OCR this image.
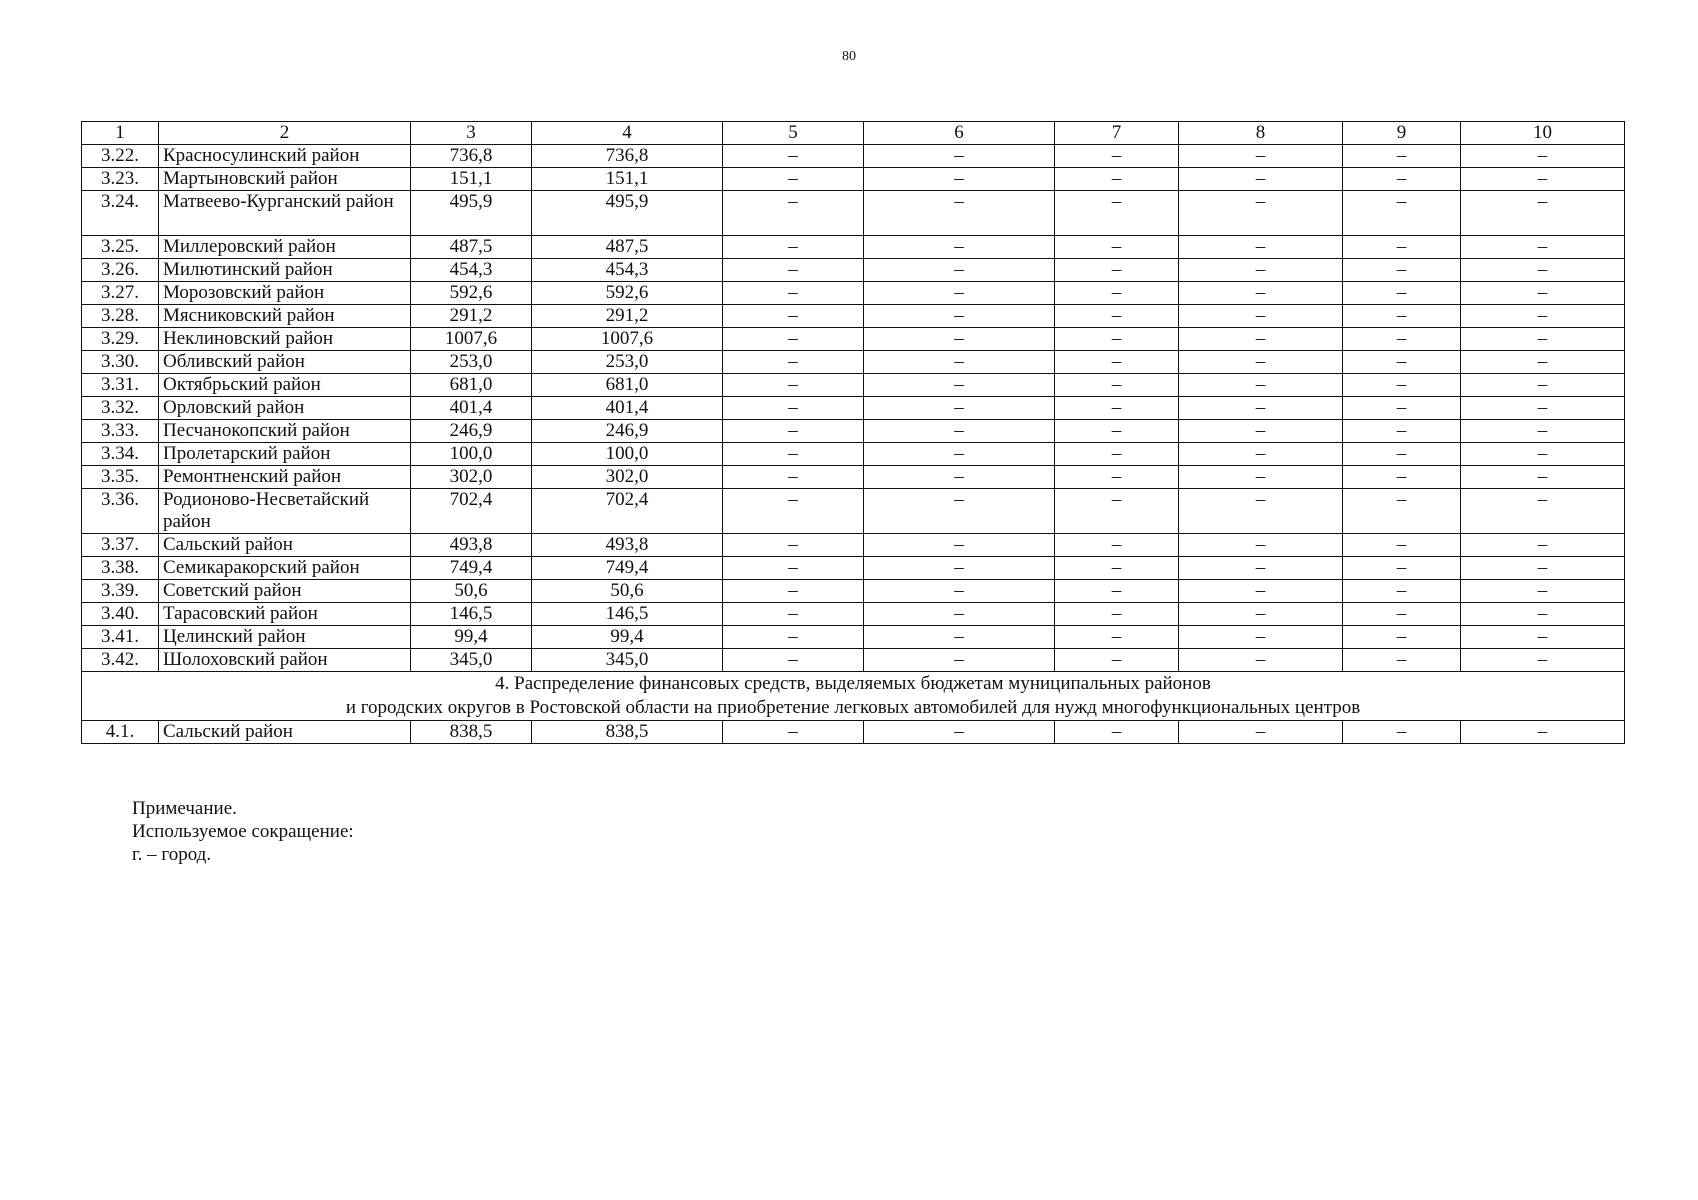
80
1	2	3	4	5	6	7	8	9	10
3.22.	Красносулинский район	736,8	736,8	–	–	–	–	–	–
3.23.	Мартыновский район	151,1	151,1	–	–	–	–	–	–
3.24.	Матвеево-Курганский район	495,9	495,9	–	–	–	–	–	–
3.25.	Миллеровский район	487,5	487,5	–	–	–	–	–	–
3.26.	Милютинский район	454,3	454,3	–	–	–	–	–	–
3.27.	Морозовский район	592,6	592,6	–	–	–	–	–	–
3.28.	Мясниковский район	291,2	291,2	–	–	–	–	–	–
3.29.	Неклиновский район	1007,6	1007,6	–	–	–	–	–	–
3.30.	Обливский район	253,0	253,0	–	–	–	–	–	–
3.31.	Октябрьский район	681,0	681,0	–	–	–	–	–	–
3.32.	Орловский район	401,4	401,4	–	–	–	–	–	–
3.33.	Песчанокопский район	246,9	246,9	–	–	–	–	–	–
3.34.	Пролетарский район	100,0	100,0	–	–	–	–	–	–
3.35.	Ремонтненский район	302,0	302,0	–	–	–	–	–	–
3.36.	Родионово-Несветайский район	702,4	702,4	–	–	–	–	–	–
3.37.	Сальский район	493,8	493,8	–	–	–	–	–	–
3.38.	Семикаракорский район	749,4	749,4	–	–	–	–	–	–
3.39.	Советский район	50,6	50,6	–	–	–	–	–	–
3.40.	Тарасовский район	146,5	146,5	–	–	–	–	–	–
3.41.	Целинский район	99,4	99,4	–	–	–	–	–	–
3.42.	Шолоховский район	345,0	345,0	–	–	–	–	–	–

4. Распределение финансовых средств, выделяемых бюджетам муниципальных районов
и городских округов в Ростовской области на приобретение легковых автомобилей для нужд многофункциональных центров									

4.1.	Сальский район	838,5	838,5	–	–	–	–	–	–
Примечание.
Используемое сокращение:
г. – город.
